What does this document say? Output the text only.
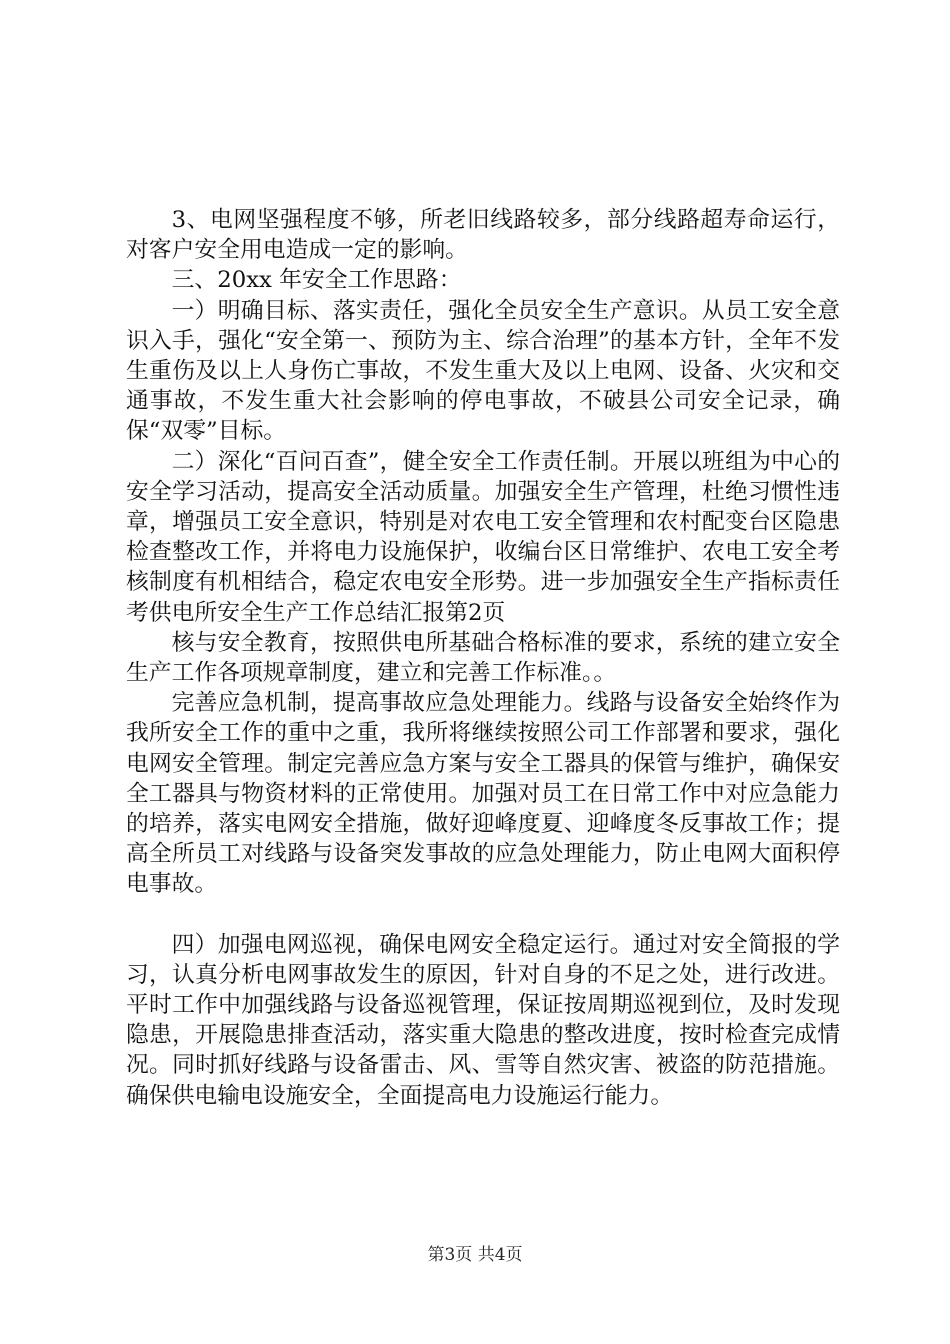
3、电网坚强程度不够，所老旧线路较多，部分线路超寿命运行，对客户安全用电造成一定的影响。

三、20xx 年安全工作思路：

一）明确目标、落实责任，强化全员安全生产意识。从员工安全意识入手，强化“安全第一、预防为主、综合治理”的基本方针，全年不发生重伤及以上人身伤亡事故，不发生重大及以上电网、设备、火灾和交通事故，不发生重大社会影响的停电事故，不破县公司安全记录，确保“双零”目标。

二）深化“百问百查”，健全安全工作责任制。开展以班组为中心的安全学习活动，提高安全活动质量。加强安全生产管理，杜绝习惯性违章，增强员工安全意识，特别是对农电工安全管理和农村配变台区隐患检查整改工作，并将电力设施保护，收编台区日常维护、农电工安全考核制度有机相结合，稳定农电安全形势。进一步加强安全生产指标责任考供电所安全生产工作总结汇报第2页

核与安全教育，按照供电所基础合格标准的要求，系统的建立安全生产工作各项规章制度，建立和完善工作标准。。

完善应急机制，提高事故应急处理能力。线路与设备安全始终作为我所安全工作的重中之重，我所将继续按照公司工作部署和要求，强化电网安全管理。制定完善应急方案与安全工器具的保管与维护，确保安全工器具与物资材料的正常使用。加强对员工在日常工作中对应急能力的培养，落实电网安全措施，做好迎峰度夏、迎峰度冬反事故工作；提高全所员工对线路与设备突发事故的应急处理能力，防止电网大面积停电事故。

四）加强电网巡视，确保电网安全稳定运行。通过对安全简报的学习，认真分析电网事故发生的原因，针对自身的不足之处，进行改进。平时工作中加强线路与设备巡视管理，保证按周期巡视到位，及时发现隐患，开展隐患排查活动，落实重大隐患的整改进度，按时检查完成情况。同时抓好线路与设备雷击、风、雪等自然灾害、被盗的防范措施。确保供电输电设施安全，全面提高电力设施运行能力。

第3页 共4页
